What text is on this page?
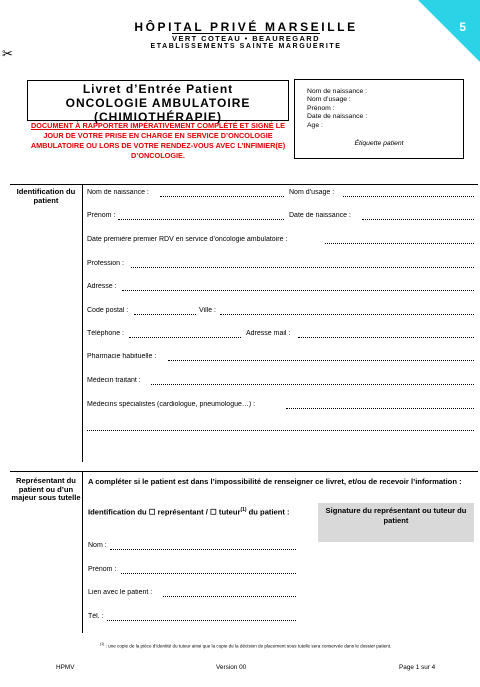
5
✂
HÔPITAL PRIVÉ MARSEILLE
VERT COTEAU • BEAUREGARD
ETABLISSEMENTS SAINTE MARGUERITE
Livret d’Entrée Patient
ONCOLOGIE AMBULATOIRE
(CHIMIOTHÉRAPIE)
DOCUMENT À RAPPORTER IMPÉRATIVEMENT COMPLÉTÉ ET SIGNÉ LE JOUR DE VOTRE PRISE EN CHARGE EN SERVICE D’ONCOLOGIE AMBULATOIRE OU LORS DE VOTRE RENDEZ-VOUS AVEC L’INFIMIER(E) D’ONCOLOGIE.
Nom de naissance :
Nom d’usage :
Prénom :
Date de naissance :
Age :
Étiquette patient
Identification du patient
Nom de naissance :	Nom d’usage :
Prénom :	Date de naissance :
Date première premier RDV en service d’oncologie ambulatoire :
Profession :
Adresse :
Code postal :	Ville :
Téléphone :	Adresse mail :
Pharmacie habituelle :
Médecin traitant :
Médecins spécialistes (cardiologue, pneumologue…) :
Représentant du patient ou d’un majeur sous tutelle
A compléter si le patient est dans l’impossibilité de renseigner ce livret, et/ou de recevoir l’information :
Identification du ☐ représentant / ☐ tuteur$^{(1)}$ du patient :	Signature du représentant ou tuteur du patient
Nom :
Prénom :
Lien avec le patient :
Tél. :
$^{(1)}$ : une copie de la pièce d’identité du tuteur ainsi que la copie de la décision de placement sous tutelle sera conservée dans le dossier patient.
HPMV	Version 00	Page 1 sur 4
